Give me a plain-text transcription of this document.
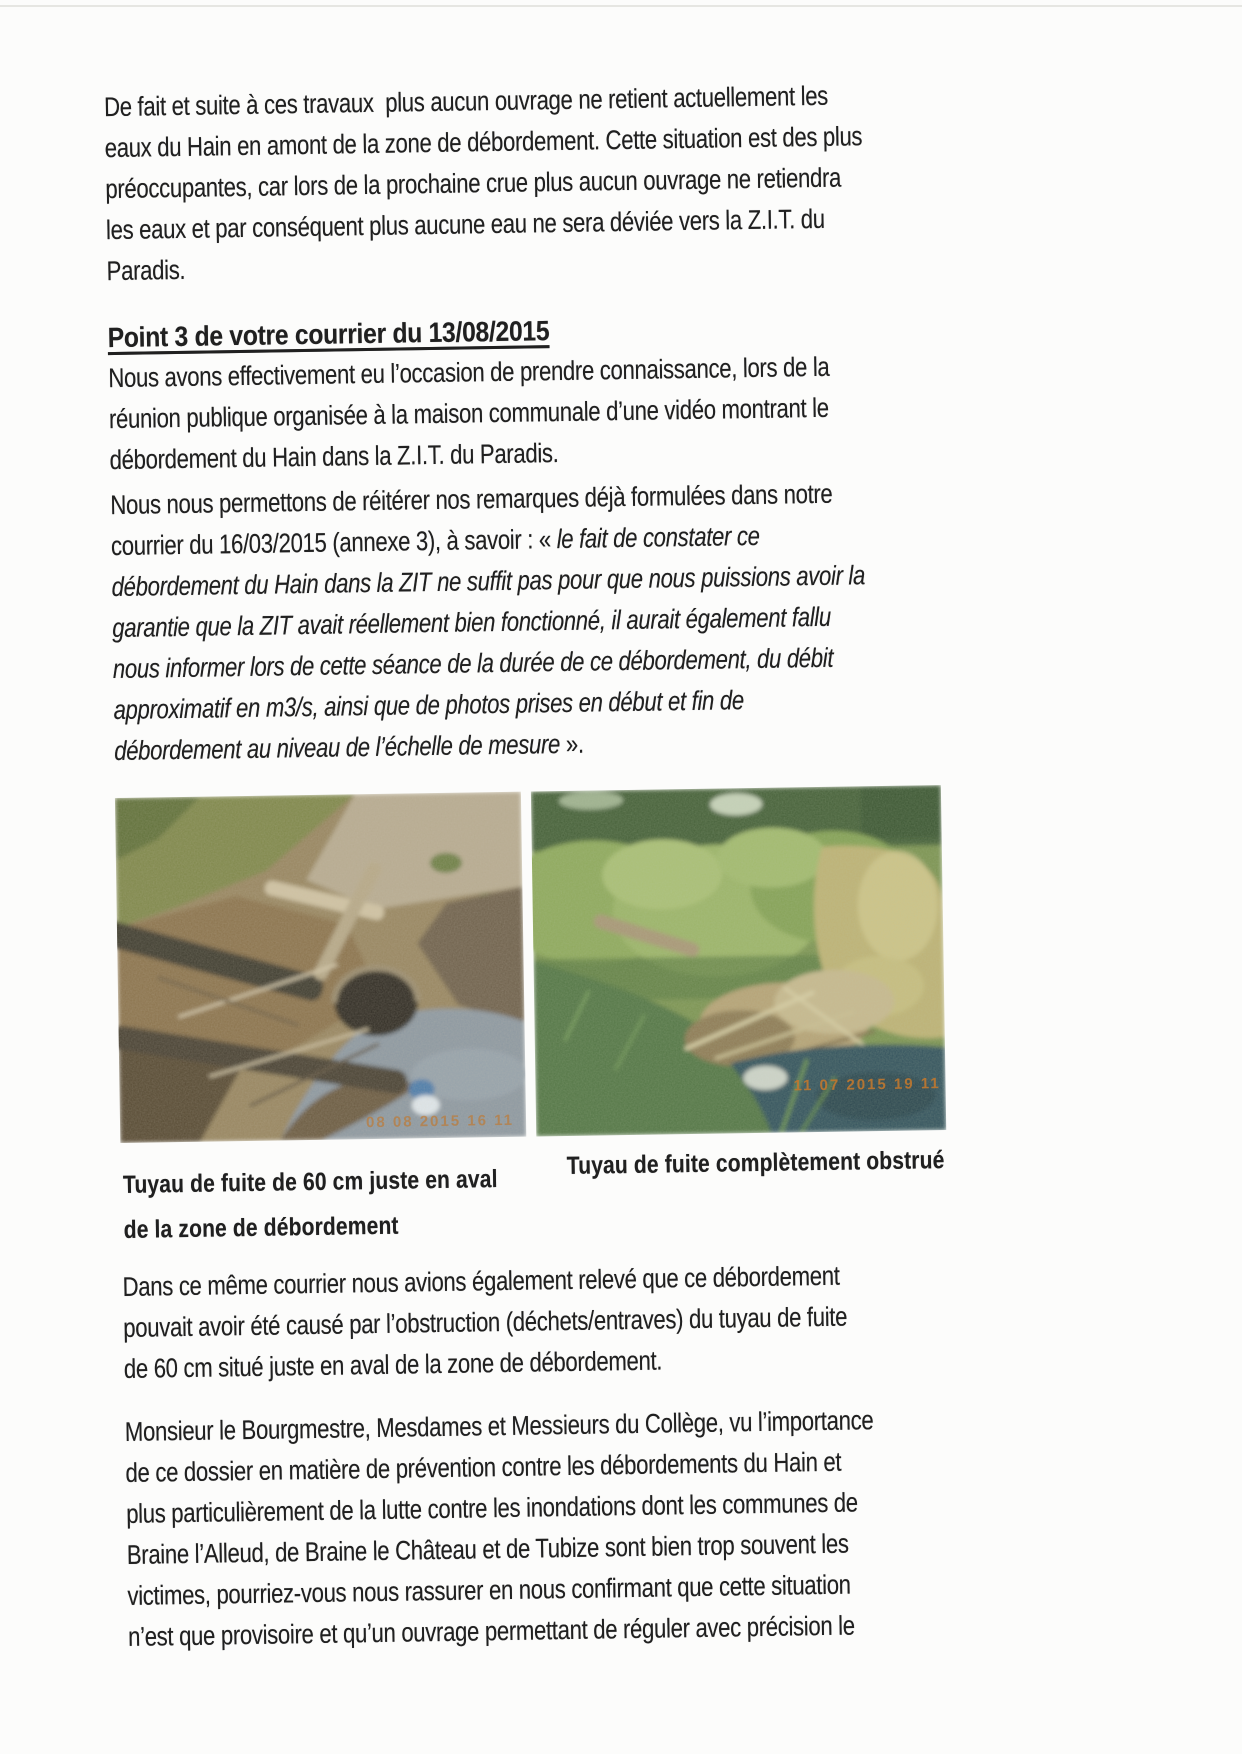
De fait et suite à ces travaux  plus aucun ouvrage ne retient actuellement les
eaux du Hain en amont de la zone de débordement. Cette situation est des plus
préoccupantes, car lors de la prochaine crue plus aucun ouvrage ne retiendra
les eaux et par conséquent plus aucune eau ne sera déviée vers la Z.I.T. du
Paradis.

Point 3 de votre courrier du 13/08/2015

Nous avons effectivement eu l’occasion de prendre connaissance, lors de la
réunion publique organisée à la maison communale d’une vidéo montrant le
débordement du Hain dans la Z.I.T. du Paradis.

Nous nous permettons de réitérer nos remarques déjà formulées dans notre
courrier du 16/03/2015 (annexe 3), à savoir : « le fait de constater ce
débordement du Hain dans la ZIT ne suffit pas pour que nous puissions avoir la
garantie que la ZIT avait réellement bien fonctionné, il aurait également fallu
nous informer lors de cette séance de la durée de ce débordement, du débit
approximatif en m3/s, ainsi que de photos prises en début et fin de
débordement au niveau de l’échelle de mesure ».

08 08 2015 16 11
11 07 2015 19 11
Tuyau de fuite de 60 cm juste en aval
de la zone de débordement
Tuyau de fuite complètement obstrué

Dans ce même courrier nous avions également relevé que ce débordement
pouvait avoir été causé par l’obstruction (déchets/entraves) du tuyau de fuite
de 60 cm situé juste en aval de la zone de débordement.

Monsieur le Bourgmestre, Mesdames et Messieurs du Collège, vu l’importance
de ce dossier en matière de prévention contre les débordements du Hain et
plus particulièrement de la lutte contre les inondations dont les communes de
Braine l’Alleud, de Braine le Château et de Tubize sont bien trop souvent les
victimes, pourriez-vous nous rassurer en nous confirmant que cette situation
n’est que provisoire et qu’un ouvrage permettant de réguler avec précision le
